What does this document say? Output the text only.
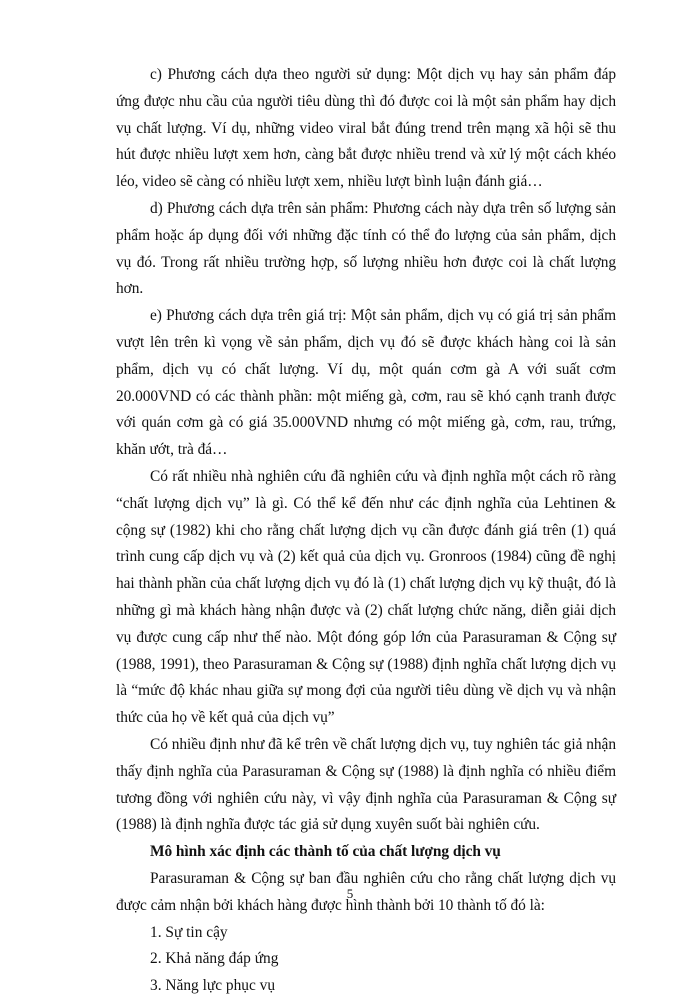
c) Phương cách dựa theo người sử dụng: Một dịch vụ hay sản phẩm đáp ứng được nhu cầu của người tiêu dùng thì đó được coi là một sản phẩm hay dịch vụ chất lượng. Ví dụ, những video viral bắt đúng trend trên mạng xã hội sẽ thu hút được nhiều lượt xem hơn, càng bắt được nhiều trend và xử lý một cách khéo léo, video sẽ càng có nhiều lượt xem, nhiều lượt bình luận đánh giá…

d) Phương cách dựa trên sản phẩm: Phương cách này dựa trên số lượng sản phẩm hoặc áp dụng đối với những đặc tính có thể đo lượng của sản phẩm, dịch vụ đó. Trong rất nhiều trường hợp, số lượng nhiều hơn được coi là chất lượng hơn.

e) Phương cách dựa trên giá trị: Một sản phẩm, dịch vụ có giá trị sản phẩm vượt lên trên kì vọng về sản phẩm, dịch vụ đó sẽ được khách hàng coi là sản phẩm, dịch vụ có chất lượng. Ví dụ, một quán cơm gà A với suất cơm 20.000VND có các thành phần: một miếng gà, cơm, rau sẽ khó cạnh tranh được với quán cơm gà có giá 35.000VND nhưng có một miếng gà, cơm, rau, trứng, khăn ướt, trà đá…

Có rất nhiều nhà nghiên cứu đã nghiên cứu và định nghĩa một cách rõ ràng “chất lượng dịch vụ” là gì. Có thể kể đến như các định nghĩa của Lehtinen & cộng sự (1982) khi cho rằng chất lượng dịch vụ cần được đánh giá trên (1) quá trình cung cấp dịch vụ và (2) kết quả của dịch vụ. Gronroos (1984) cũng đề nghị hai thành phần của chất lượng dịch vụ đó là (1) chất lượng dịch vụ kỹ thuật, đó là những gì mà khách hàng nhận được và (2) chất lượng chức năng, diễn giải dịch vụ được cung cấp như thế nào. Một đóng góp lớn của Parasuraman & Cộng sự (1988, 1991), theo Parasuraman & Cộng sự (1988) định nghĩa chất lượng dịch vụ là “mức độ khác nhau giữa sự mong đợi của người tiêu dùng về dịch vụ và nhận thức của họ về kết quả của dịch vụ”

Có nhiều định như đã kể trên về chất lượng dịch vụ, tuy nghiên tác giả nhận thấy định nghĩa của Parasuraman & Cộng sự (1988) là định nghĩa có nhiều điểm tương đồng với nghiên cứu này, vì vậy định nghĩa của Parasuraman & Cộng sự (1988) là định nghĩa được tác giả sử dụng xuyên suốt bài nghiên cứu.

Mô hình xác định các thành tố của chất lượng dịch vụ

Parasuraman & Cộng sự ban đầu nghiên cứu cho rằng chất lượng dịch vụ được cảm nhận bởi khách hàng được hình thành bởi 10 thành tố đó là:

1. Sự tin cậy
2. Khả năng đáp ứng
3. Năng lực phục vụ
5
